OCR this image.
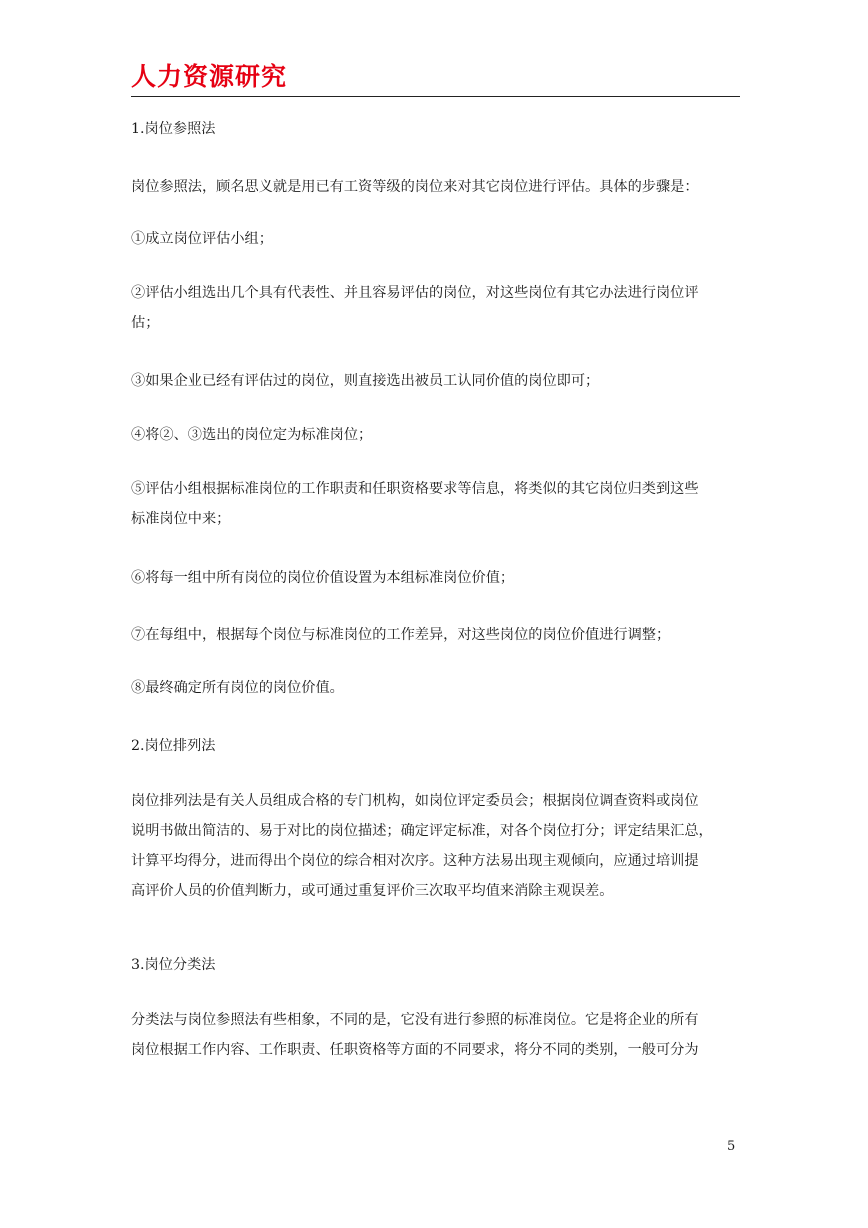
人力资源研究

1.岗位参照法

岗位参照法，顾名思义就是用已有工资等级的岗位来对其它岗位进行评估。具体的步骤是：

①成立岗位评估小组；

②评估小组选出几个具有代表性、并且容易评估的岗位，对这些岗位有其它办法进行岗位评
估；

③如果企业已经有评估过的岗位，则直接选出被员工认同价值的岗位即可；

④将②、③选出的岗位定为标准岗位；

⑤评估小组根据标准岗位的工作职责和任职资格要求等信息，将类似的其它岗位归类到这些
标准岗位中来；

⑥将每一组中所有岗位的岗位价值设置为本组标准岗位价值；

⑦在每组中，根据每个岗位与标准岗位的工作差异，对这些岗位的岗位价值进行调整；

⑧最终确定所有岗位的岗位价值。

2.岗位排列法

岗位排列法是有关人员组成合格的专门机构，如岗位评定委员会；根据岗位调查资料或岗位
说明书做出简洁的、易于对比的岗位描述；确定评定标准，对各个岗位打分；评定结果汇总，
计算平均得分，进而得出个岗位的综合相对次序。这种方法易出现主观倾向，应通过培训提
高评价人员的价值判断力，或可通过重复评价三次取平均值来消除主观误差。

3.岗位分类法

分类法与岗位参照法有些相象，不同的是，它没有进行参照的标准岗位。它是将企业的所有
岗位根据工作内容、工作职责、任职资格等方面的不同要求，将分不同的类别，一般可分为
5
